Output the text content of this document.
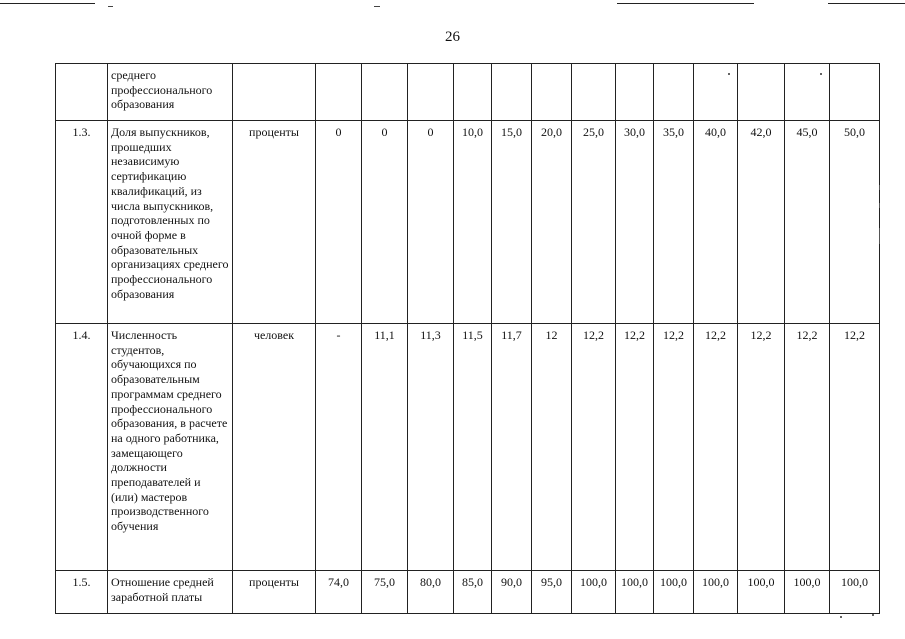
26
	среднего профессионального образования														
1.3.	Доля выпускников, прошедших независимую сертификацию квалификаций, из числа выпускников, подготовленных по очной форме в образовательных организациях среднего профессионального образования	проценты	0	0	0	10,0	15,0	20,0	25,0	30,0	35,0	40,0	42,0	45,0	50,0
1.4.	Численность студентов, обучающихся по образовательным программам среднего профессионального образования, в расчете на одного работника, замещающего должности преподавателей и (или) мастеров производственного обучения	человек	-	11,1	11,3	11,5	11,7	12	12,2	12,2	12,2	12,2	12,2	12,2	12,2
1.5.	Отношение средней заработной платы	проценты	74,0	75,0	80,0	85,0	90,0	95,0	100,0	100,0	100,0	100,0	100,0	100,0	100,0
